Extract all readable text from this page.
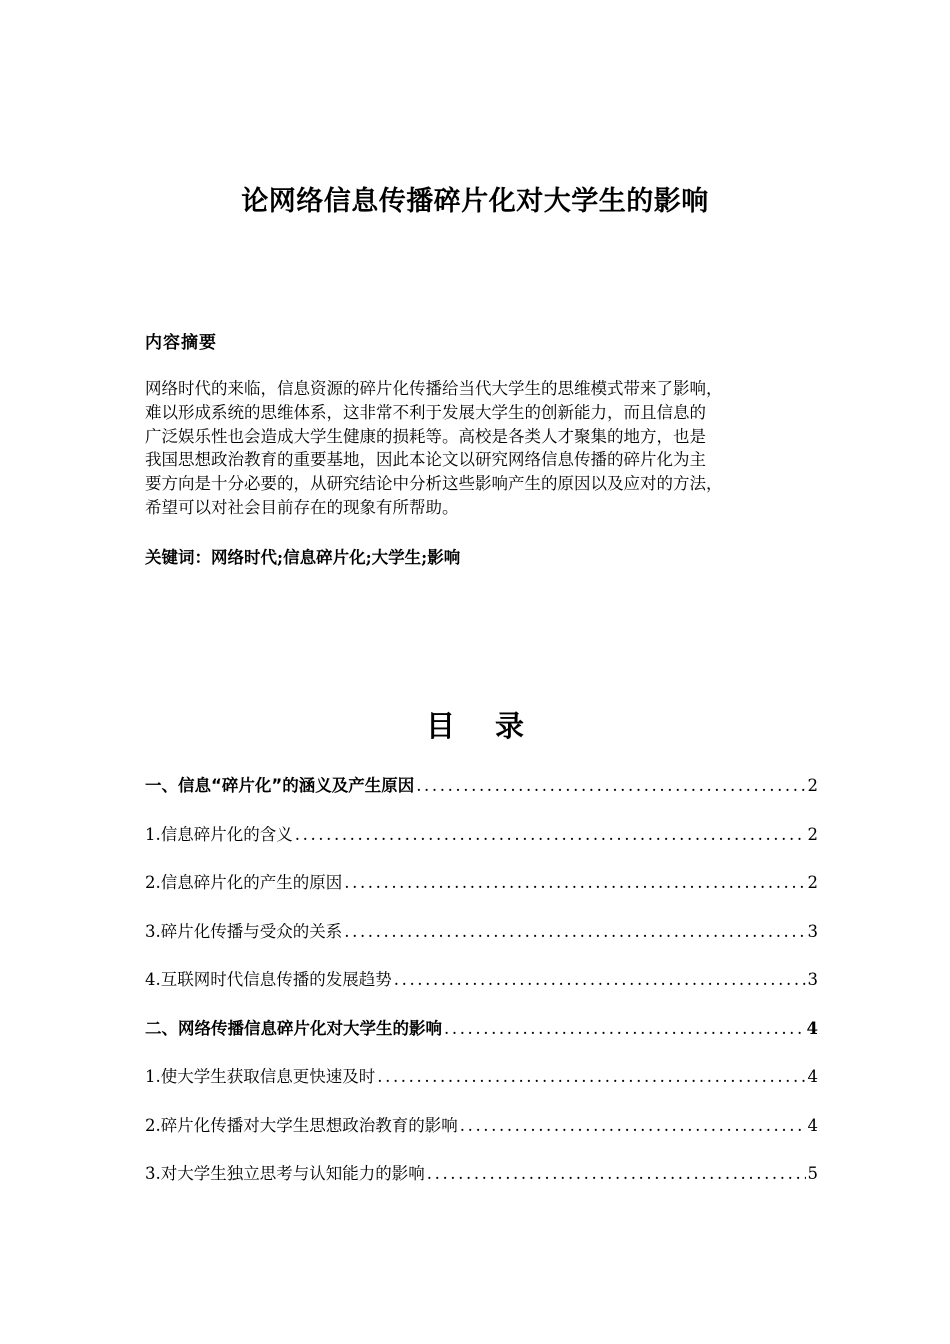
论网络信息传播碎片化对大学生的影响
内容摘要
网络时代的来临，信息资源的碎片化传播给当代大学生的思维模式带来了影响，
难以形成系统的思维体系，这非常不利于发展大学生的创新能力，而且信息的
广泛娱乐性也会造成大学生健康的损耗等。高校是各类人才聚集的地方，也是
我国思想政治教育的重要基地，因此本论文以研究网络信息传播的碎片化为主
要方向是十分必要的，从研究结论中分析这些影响产生的原因以及应对的方法，
希望可以对社会目前存在的现象有所帮助。
关键词：网络时代;信息碎片化;大学生;影响
目 录
一、信息“碎片化”的涵义及产生原因 .....	2
1.信息碎片化的含义 .....	2
2.信息碎片化的产生的原因 .....	2
3.碎片化传播与受众的关系 .....	3
4.互联网时代信息传播的发展趋势 .....	3
二、网络传播信息碎片化对大学生的影响 .....	4
1.使大学生获取信息更快速及时 .....	4
2.碎片化传播对大学生思想政治教育的影响 .....	4
3.对大学生独立思考与认知能力的影响 .....	5
